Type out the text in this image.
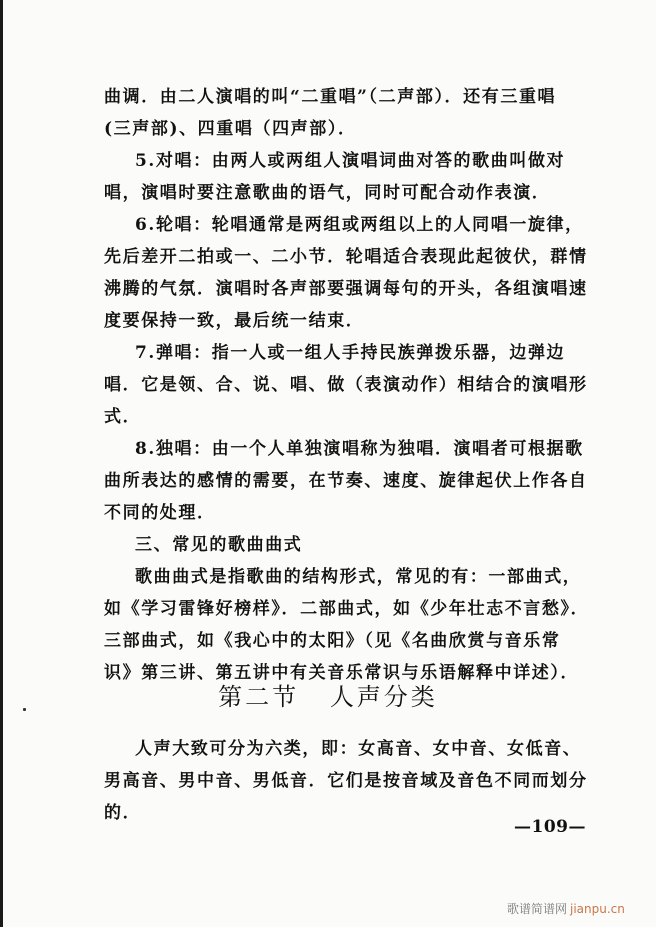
曲调．由二人演唱的叫“二重唱”（二声部）．还有三重唱
(三声部)、四重唱（四声部）．
5.对唱：由两人或两组人演唱词曲对答的歌曲叫做对
唱，演唱时要注意歌曲的语气，同时可配合动作表演．
6.轮唱：轮唱通常是两组或两组以上的人同唱一旋律，
先后差开二拍或一、二小节．轮唱适合表现此起彼伏，群情
沸腾的气氛．演唱时各声部要强调每句的开头，各组演唱速
度要保持一致，最后统一结束．
7.弹唱：指一人或一组人手持民族弹拨乐器，边弹边
唱．它是领、合、说、唱、做（表演动作）相结合的演唱形
式．
8.独唱：由一个人单独演唱称为独唱．演唱者可根据歌
曲所表达的感情的需要，在节奏、速度、旋律起伏上作各自
不同的处理．
三、常见的歌曲曲式
歌曲曲式是指歌曲的结构形式，常见的有：一部曲式，
如《学习雷锋好榜样》．二部曲式，如《少年壮志不言愁》．
三部曲式，如《我心中的太阳》（见《名曲欣赏与音乐常
识》第三讲、第五讲中有关音乐常识与乐语解释中详述）．
第二节 人声分类
人声大致可分为六类，即：女高音、女中音、女低音、
男高音、男中音、男低音．它们是按音域及音色不同而划分
的．
—109—
歌谱简谱网 jianpu.cn
